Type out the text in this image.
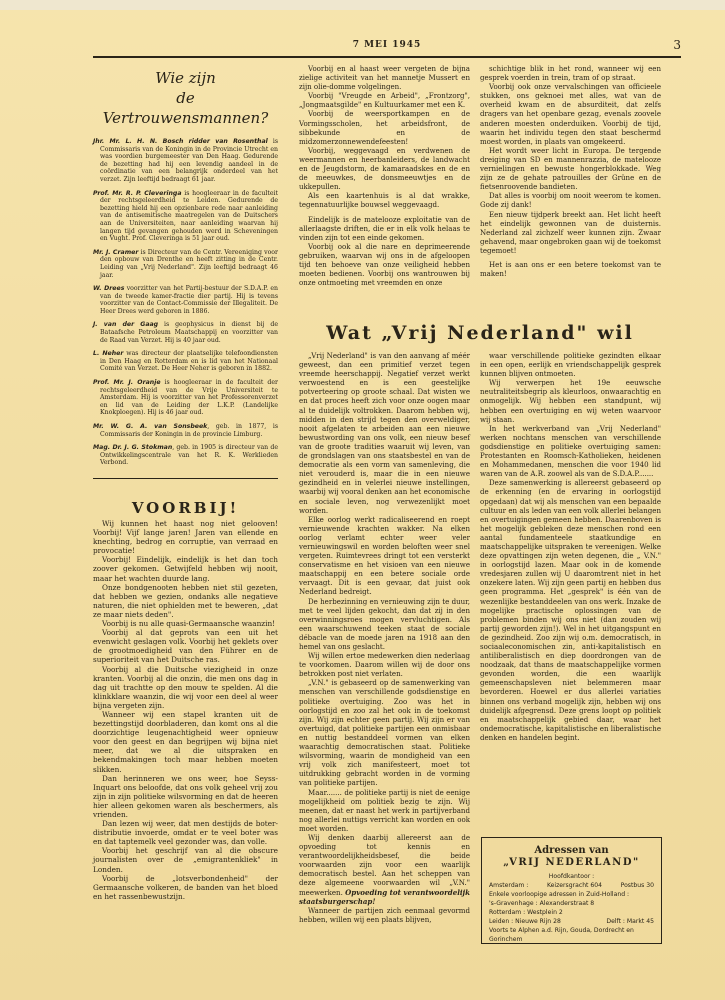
7 MEI 1945	3
Wie zijn
de Vertrouwensmannen?
Jhr. Mr. L. H. N. Bosch ridder van Rosenthal is Commissaris van de Koningin in de Provincie Utrecht en was voordien burgemeester van Den Haag. Gedurende de bezetting had hij een levendig aandeel in de coördinatie van een belangrijk onderdeel van het verzet. Zijn leeftijd bedraagt 61 jaar.
Prof. Mr. R. P. Cleveringa is hoogleeraar in de faculteit der rechtsgeleerdheid te Leiden. Gedurende de bezetting hield hij een opzienbare rede naar aanleiding van de antisemitische maatregelen van de Duitschers aan de Universiteiten, naar aanleiding waarvan hij langen tijd gevangen gehouden werd in Scheveningen en Vught. Prof. Cleveringa is 51 jaar oud.
Mr. J. Cramer is Directeur van de Centr. Vereeniging voor den opbouw van Drenthe en heeft zitting in de Centr. Leiding van „Vrij Nederland". Zijn leeftijd bedraagt 46 jaar.
W. Drees voorzitter van het Partij-bestuur der S.D.A.P. en van de tweede kamer-fractie dier partij. Hij is tevens voorzitter van de Contact-Commissie der Illegaliteit. De Heer Drees werd geboren in 1886.
J. van der Gaag is geophysicus in dienst bij de Bataafsche Petroleum Maatschappij en voorzitter van de Raad van Verzet. Hij is 40 jaar oud.
L. Neher was directeur der plaatselijke telefoondiensten in Den Haag en Rotterdam en is lid van het Nationaal Comité van Verzet. De Heer Neher is geboren in 1882.
Prof. Mr. J. Oranje is hoogleeraar in de faculteit der rechtsgeleerdheid van de Vrije Universiteit te Amsterdam. Hij is voorzitter van het Professorenverzet en lid van de Leiding der L.K.P. (Landelijke Knokploegen). Hij is 46 jaar oud.
Mr. W. G. A. van Sonsbeek, geb. in 1877, is Commissaris der Koningin in de provincie Limburg.
Mag. Dr. J. G. Stokman, geb. in 1905 is directeur van de Ontwikkelingscentrale van het R. K. Werklieden Verbond.
VOORBIJ!

Wij kunnen het haast nog niet gelooven! Voorbij! Vijf lange jaren! Jaren van ellende en knechting, bedrog en corruptie, van verraad en provocatie!

Voorbij! Eindelijk, eindelijk is het dan toch zoover gekomen. Getwijfeld hebben wij nooit, maar het wachten duurde lang.

Onze bondgenooten hebben niet stil gezeten, dat hebben we gezien, ondanks alle negatieve naturen, die niet ophielden met te beweren, „dat ze maar niets deden".

Voorbij is nu alle quasi-Germaansche waanzin!

Voorbij al dat geprots van een uit het evenwicht geslagen volk. Voorbij het geklets over de grootmoedigheid van den Führer en de superioriteit van het Duitsche ras.

Voorbij al die Duitsche viezigheid in onze kranten. Voorbij al die onzin, die men ons dag in dag uit trachtte op den mouw te spelden. Al die klinkklare waanzin, die wij voor een deel al weer bijna vergeten zijn.

Wanneer wij een stapel kranten uit de bezettingstijd doorbladeren, dan komt ons al die doorzichtige leugenachtigheid weer opnieuw voor den geest en dan begrijpen wij bijna niet meer, dat we al die uitspraken en bekendmakingen toch maar hebben moeten slikken.

Dan herinneren we ons weer, hoe Seyss-Inquart ons beloofde, dat ons volk geheel vrij zou zijn in zijn politieke wilsvorming en dat de heeren hier alleen gekomen waren als beschermers, als vrienden.

Dan lezen wij weer, dat men destijds de boter-distributie invoerde, omdat er te veel boter was en dat taptemelk veel gezonder was, dan volle.

Voorbij het geschrijf van al die obscure journalisten over de „emigrantenkliek" in Londen.

Voorbij de „lotsverbondenheid" der Germaansche volkeren, de banden van het bloed en het rassenbewustzijn.

Voorbij en al haast weer vergeten de bijna zielige activiteit van het mannetje Mussert en zijn olie-domme volgelingen.

Voorbij "Vreugde en Arbeid", „Frontzorg", „Jongmaatsgilde" en Kultuurkamer met een K.

Voorbij de weersportkampen en de Vormingsscholen, het arbeidsfront, de sibbekunde en de midzomerzonnewendefeesten!

Voorbij, weggevaagd en verdwenen de weermannen en heerbanleiders, de landwacht en de Jeugdstorm, de kamaraadskes en de en de meeuwkes, de donsmeeuwtjes en de ukkepullen.

Als een kaartenhuis is al dat wrakke, tegennatuurlijke bouwsel weggevaagd.

Eindelijk is de matelooze exploitatie van de allerlaagste driften, die er in elk volk helaas te vinden zijn tot een einde gekomen.

Voorbij ook al die nare en deprimeerende gebruiken, waarvan wij ons in de afgeloopen tijd ten behoeve van onze veiligheid hebben moeten bedienen. Voorbij ons wantrouwen bij onze ontmoeting met vreemden en onze

schichtige blik in het rond, wanneer wij een gesprek voerden in trein, tram of op straat.

Voorbij ook onze vervalschingen van officieele stukken, ons geknoei met alles, wat van de overheid kwam en de absurditeit, dat zelfs dragers van het openbare gezag, evenals zoovele anderen moesten onderduiken. Voorbij de tijd, waarin het individu tegen den staat beschermd moest worden, in plaats van omgekeerd.

Het wordt weer licht in Europa. De tergende dreiging van SD en mannenrazzia, de matelooze vernielingen en bewuste hongerblokkade. Weg zijn ze de gehate patrouilles der Grüne en de fietsenroovende bandieten.

Dat alles is voorbij om nooit weerom te komen. Gode zij dank!

Een nieuw tijdperk breekt aan. Het licht heeft het eindelijk gewonnen van de duisternis. Nederland zal zichzelf weer kunnen zijn. Zwaar gehavend, maar ongebroken gaan wij de toekomst tegemoet!

Het is aan ons er een betere toekomst van te maken!

Wat „Vrij Nederland" wil

„Vrij Nederland" is van den aanvang af méér geweest, dan een primitief verzet tegen vreemde heerschappij. Negatief verzet werkt verwoestend en is een geestelijke potverteering op groote schaal. Dat wisten we en dat proces heeft zich voor onze oogen maar al te duidelijk voltrokken. Daarom hebben wij, midden in den strijd tegen den overweldiger, nooit afgelaten te arbeiden aan een nieuwe bewustwording van ons volk, een nieuw besef van de groote tradities waaruit wij leven, van de grondslagen van ons staatsbestel en van de democratie als een vorm van samenleving, die niet verouderd is, maar die in een nieuwe gezindheid en in velerlei nieuwe instellingen, waarbij wij vooral denken aan het economische en sociale leven, nog verwezenlijkt moet worden.

Elke oorlog werkt radicaliseerend en roept vernieuwende krachten wakker. Na elken oorlog verlamt echter weer veler vernieuwingswil en worden beloften weer snel vergeten. Ruimtevrees dringt tot een versterkt conservatisme en het visioen van een nieuwe maatschappij en een betere sociale orde vervaagt. Dit is een gevaar, dat juist ook Nederland bedreigt.

De herbezinning en vernieuwing zijn te duur, met te veel lijden gekocht, dan dat zij in den overwinningsroes mogen vervluchtigen. Als een waarschuwend teeken staat de sociale débacle van de moede jaren na 1918 aan den hemel van ons geslacht.

Wij willen ertoe medewerken dien nederlaag te voorkomen. Daarom willen wij de door ons betrokken post niet verlaten.

„V.N." is gebaseerd op de samenwerking van menschen van verschillende godsdienstige en politieke overtuiging. Zoo was het in oorlogstijd en zoo zal het ook in de toekomst zijn. Wij zijn echter geen partij. Wij zijn er van overtuigd, dat politieke partijen een onmisbaar en nuttig bestanddeel vormen van elken waarachtig democratischen staat. Politieke wilsvorming, waarin de mondigheid van een vrij volk zich manifesteert, moet tot uitdrukking gebracht worden in de vorming van politieke partijen.

Maar....... de politieke partij is niet de eenige mogelijkheid om politiek bezig te zijn. Wij meenen, dat er naast het werk in partijverband nog allerlei nuttigs verricht kan worden en ook moet worden.

Wij denken daarbij allereerst aan de opvoeding tot kennis en verantwoordelijkheidsbesef, die beide voorwaarden zijn voor een waarlijk democratisch bestel. Aan het scheppen van deze algemeene voorwaarden wil „V.N." meewerken. Opvoeding tot verantwoordelijk staatsburgerschap!

Wanneer de partijen zich eenmaal gevormd hebben, willen wij een plaats blijven,

waar verschillende politieke gezindten elkaar in een open, eerlijk en vriendschappelijk gesprek kunnen blijven ontmoeten.

Wij verwerpen het 19e eeuwsche neutraliteitsbegrip als kleurloos, onwaarachtig en onmogelijk. Wij hebben een standpunt, wij hebben een overtuiging en wij weten waarvoor wij staan.

In het werkverband van „Vrij Nederland" werken nochtans menschen van verschillende godsdienstige en politieke overtuiging samen: Protestanten en Roomsch-Katholieken, heidenen en Mohammedanen, menschen die voor 1940 lid waren van de A.R. zoowel als van de S.D.A.P.......

Deze samenwerking is allereerst gebaseerd op de erkenning (en de ervaring in oorlogstijd opgedaan) dat wij als menschen van een bepaalde cultuur en als leden van een volk allerlei belangen en overtuigingen gemeen hebben. Daarenboven is het mogelijk gebleken deze menschen rond een aantal fundamenteele staatkundige en maatschappelijke uitspraken te vereenigen. Welke deze opvattingen zijn weten degenen, die „ V.N." in oorlogstijd lazen. Maar ook in de komende vredesjaren zullen wij U daaromtrent niet in het onzekere laten. Wij zijn geen partij en hebben dus geen programma. Het „gesprek" is één van de wezenlijke bestanddeelen van ons werk. Inzake de mogelijke practische oplossingen van de problemen binden wij ons niet (dan zouden wij partij geworden zijn!). Wel in het uitgangspunt en de gezindheid. Zoo zijn wij o.m. democratisch, in sociaaleconomischen zin, anti-kapitalistisch en antiliberalistisch en diep doordrongen van de noodzaak, dat thans de maatschappelijke vormen gevonden worden, die een waarlijk gemeenschapsleven niet belemmeren maar bevorderen. Hoewel er dus allerlei variaties binnen ons verband mogelijk zijn, hebben wij ons duidelijk afgegrensd. Deze grens loopt op politiek en maatschappelijk gebied daar, waar het ondemocratische, kapitalistische en liberalistische denken en handelen begint.

Adressen van
„VRIJ NEDERLAND"
Hoofdkantoor :
Amsterdam :	Keizersgracht 604	Postbus 30
Enkele voorloopige adressen in Zuid-Holland :
's-Gravenhage : Alexanderstraat 8
Rotterdam : Westplein 2
Leiden : Nieuwe Rijn 28	Delft : Markt 45
Voorts te Alphen a.d. Rijn, Gouda, Dordrecht en Gorinchem
